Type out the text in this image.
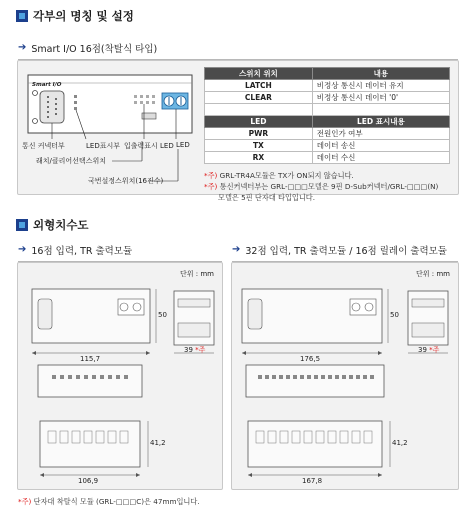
각부의 명칭 및 설정
➔ Smart I/O 16점(착탈식 타입)
Smart I/O
통신 커넥터부	LED표시부 입출력표시 LED LED
래치/클리어선택스위치
국번설정스위치(16진수)
스위치 위치	내용
LATCH	비정상 통신시 데이터 유지
CLEAR	비정상 통신시 데이터 '0'

LED	LED 표시내용
PWR	전원인가 여부
TX	데이터 송신
RX	데이터 수신
*주) GRL-TR4A모듈은 TX가 ON되지 않습니다.
*주) 통신커넥터부는 GRL-□□□모델은 9핀 D-Sub커넥터/GRL-□□□(N)
모델은 5핀 단자대 타입입니다.
외형치수도
➔ 16점 입력, TR 출력모듈
단위 : mm
50
115,7
39 *주
41,2
106,9
➔ 32점 입력, TR 출력모듈 / 16점 릴레이 출력모듈
단위 : mm
50
176,5
39 *주
41,2
167,8
*주) 단자대 착탈식 모듈 (GRL-□□□C)은 47mm입니다.
